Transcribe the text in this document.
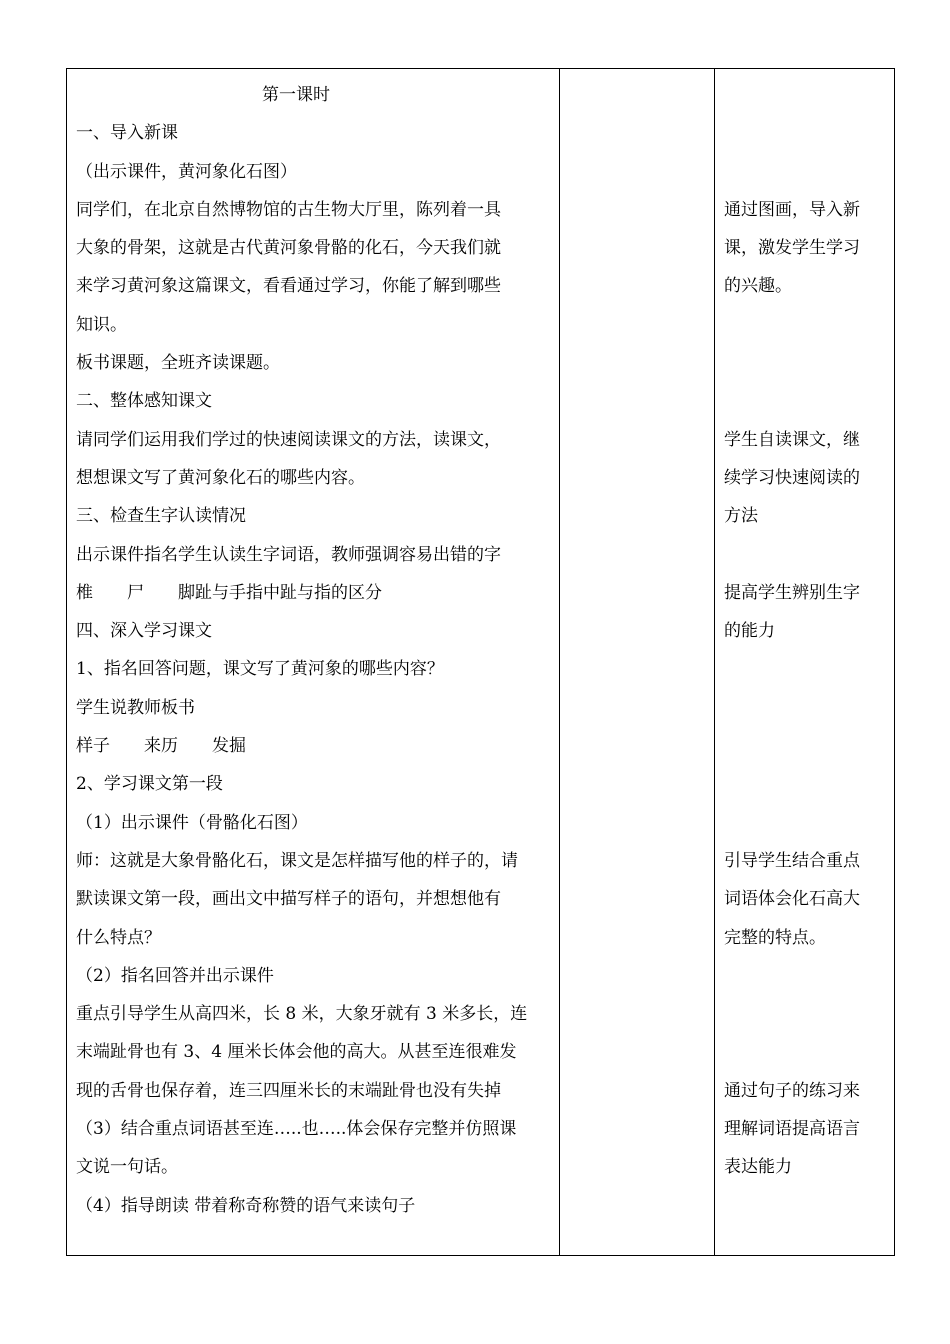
第一课时
一、导入新课
（出示课件，黄河象化石图）
同学们，在北京自然博物馆的古生物大厅里，陈列着一具
大象的骨架，这就是古代黄河象骨骼的化石，今天我们就
来学习黄河象这篇课文，看看通过学习，你能了解到哪些
知识。
板书课题，全班齐读课题。
二、整体感知课文
请同学们运用我们学过的快速阅读课文的方法，读课文，
想想课文写了黄河象化石的哪些内容。
三、检查生字认读情况
出示课件指名学生认读生字词语，教师强调容易出错的字
椎　　尸　　脚趾与手指中趾与指的区分
四、深入学习课文
1、指名回答问题，课文写了黄河象的哪些内容？
学生说教师板书
样子　　来历　　发掘
2、学习课文第一段
（1）出示课件（骨骼化石图）
师：这就是大象骨骼化石，课文是怎样描写他的样子的，请
默读课文第一段，画出文中描写样子的语句，并想想他有
什么特点？
（2）指名回答并出示课件
重点引导学生从高四米，长 8 米，大象牙就有 3 米多长，连
末端趾骨也有 3、4 厘米长体会他的高大。从甚至连很难发
现的舌骨也保存着，连三四厘米长的末端趾骨也没有失掉
（3）结合重点词语甚至连…..也…..体会保存完整并仿照课
文说一句话。
（4）指导朗读 带着称奇称赞的语气来读句子
通过图画，导入新
课，激发学生学习
的兴趣。
学生自读课文，继
续学习快速阅读的
方法
提高学生辨别生字
的能力
引导学生结合重点
词语体会化石高大
完整的特点。
通过句子的练习来
理解词语提高语言
表达能力
